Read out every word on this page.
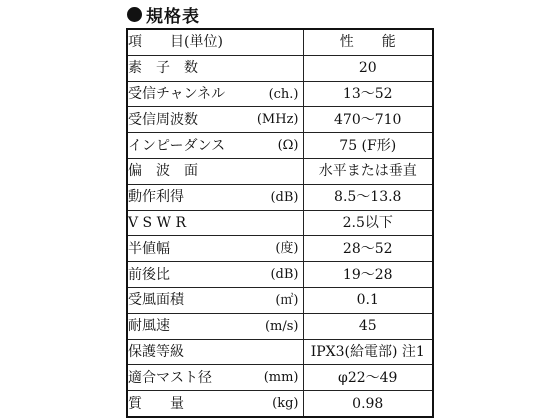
規格表
項　　目(単位)	性　　能

素　子　数	20

受信チャンネル (ch.)	13～52

受信周波数 (MHz)	470～710

インピーダンス (Ω)	75 (F形)

偏　波　面	水平または垂直

動作利得 (dB)	8.5～13.8

V S W R	2.5以下

半値幅 (度)	28～52

前後比 (dB)	19～28

受風面積 (㎡)	0.1

耐風速 (m/s)	45

保護等級	IPX3(給電部) 注1

適合マスト径 (mm)	φ22～49

質　　量 (kg)	0.98
